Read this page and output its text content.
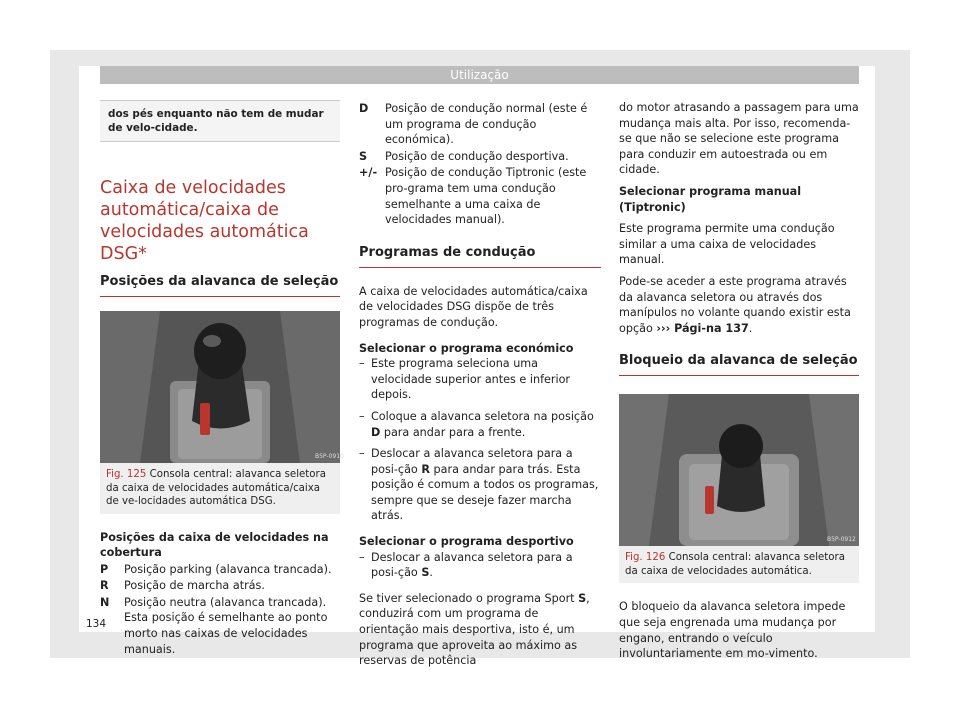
Utilização
dos pés enquanto não tem de mudar de velo-cidade.
Caixa de velocidades automática/caixa de velocidades automática DSG*
Posições da alavanca de seleção
B5P-0910
Fig. 125 Consola central: alavanca seletora da caixa de velocidades automática/caixa de ve-locidades automática DSG.
Posições da caixa de velocidades na cobertura
P	Posição parking (alavanca trancada).
R	Posição de marcha atrás.
N	Posição neutra (alavanca trancada). Esta posição é semelhante ao ponto morto nas caixas de velocidades manuais.
D	Posição de condução normal (este é um programa de condução económica).
S	Posição de condução desportiva.
+/- Posição de condução Tiptronic (este pro-grama tem uma condução semelhante a uma caixa de velocidades manual).
Programas de condução

A caixa de velocidades automática/caixa de velocidades DSG dispõe de três programas de condução.

Selecionar o programa económico
– Este programa seleciona uma velocidade superior antes e inferior depois.
– Coloque a alavanca seletora na posição D para andar para a frente.
– Deslocar a alavanca seletora para a posi-ção R para andar para trás. Esta posição é comum a todos os programas, sempre que se deseje fazer marcha atrás.
Selecionar o programa desportivo
– Deslocar a alavanca seletora para a posi-ção S.

Se tiver selecionado o programa Sport S, conduzirá com um programa de orientação mais desportiva, isto é, um programa que aproveita ao máximo as reservas de potência

do motor atrasando a passagem para uma mudança mais alta. Por isso, recomenda-se que não se selecione este programa para conduzir em autoestrada ou em cidade.

Selecionar programa manual (Tiptronic)

Este programa permite uma condução similar a uma caixa de velocidades manual.

Pode-se aceder a este programa através da alavanca seletora ou através dos manípulos no volante quando existir esta opção ››› Pági-na 137.

Bloqueio da alavanca de seleção
B5P-0912
Fig. 126 Consola central: alavanca seletora da caixa de velocidades automática.

O bloqueio da alavanca seletora impede que seja engrenada uma mudança por engano, entrando o veículo involuntariamente em mo-vimento.

134
